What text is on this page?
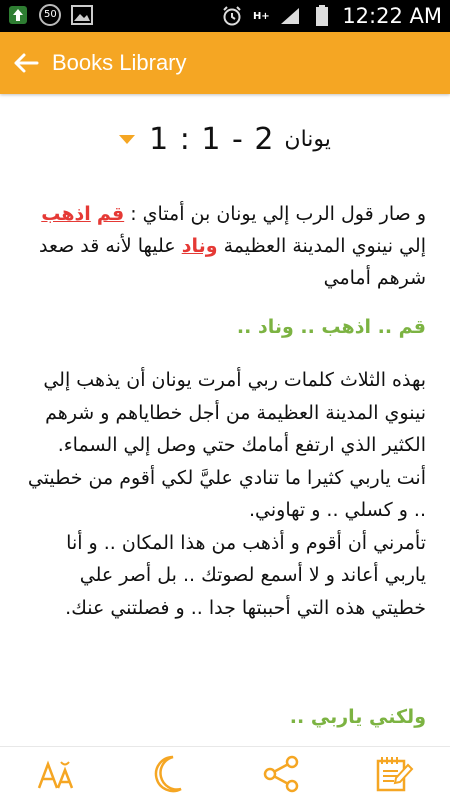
50	H+	12:22 AM
Books Library
1 : 1 - 2 يونان
و صار قول الرب إلي يونان بن أمتاي : قم اذهب إلي نينوي المدينة العظيمة وناد عليها لأنه قد صعد شرهم أمامي
قم .. اذهب .. وناد ..

بهذه الثلاث كلمات ربي أمرت يونان أن يذهب إلي نينوي المدينة العظيمة من أجل خطاياهم و شرهم الكثير الذي ارتفع أمامك حتي وصل إلي السماء.

أنت ياربي كثيرا ما تنادي عليَّ لكي أقوم من خطيتي .. و كسلي .. و تهاوني.

تأمرني أن أقوم و أذهب من هذا المكان .. و أنا ياربي أعاند و لا أسمع لصوتك .. بل أصر علي خطيتي هذه التي أحببتها جدا .. و فصلتني عنك.

ولكني ياربي ..
